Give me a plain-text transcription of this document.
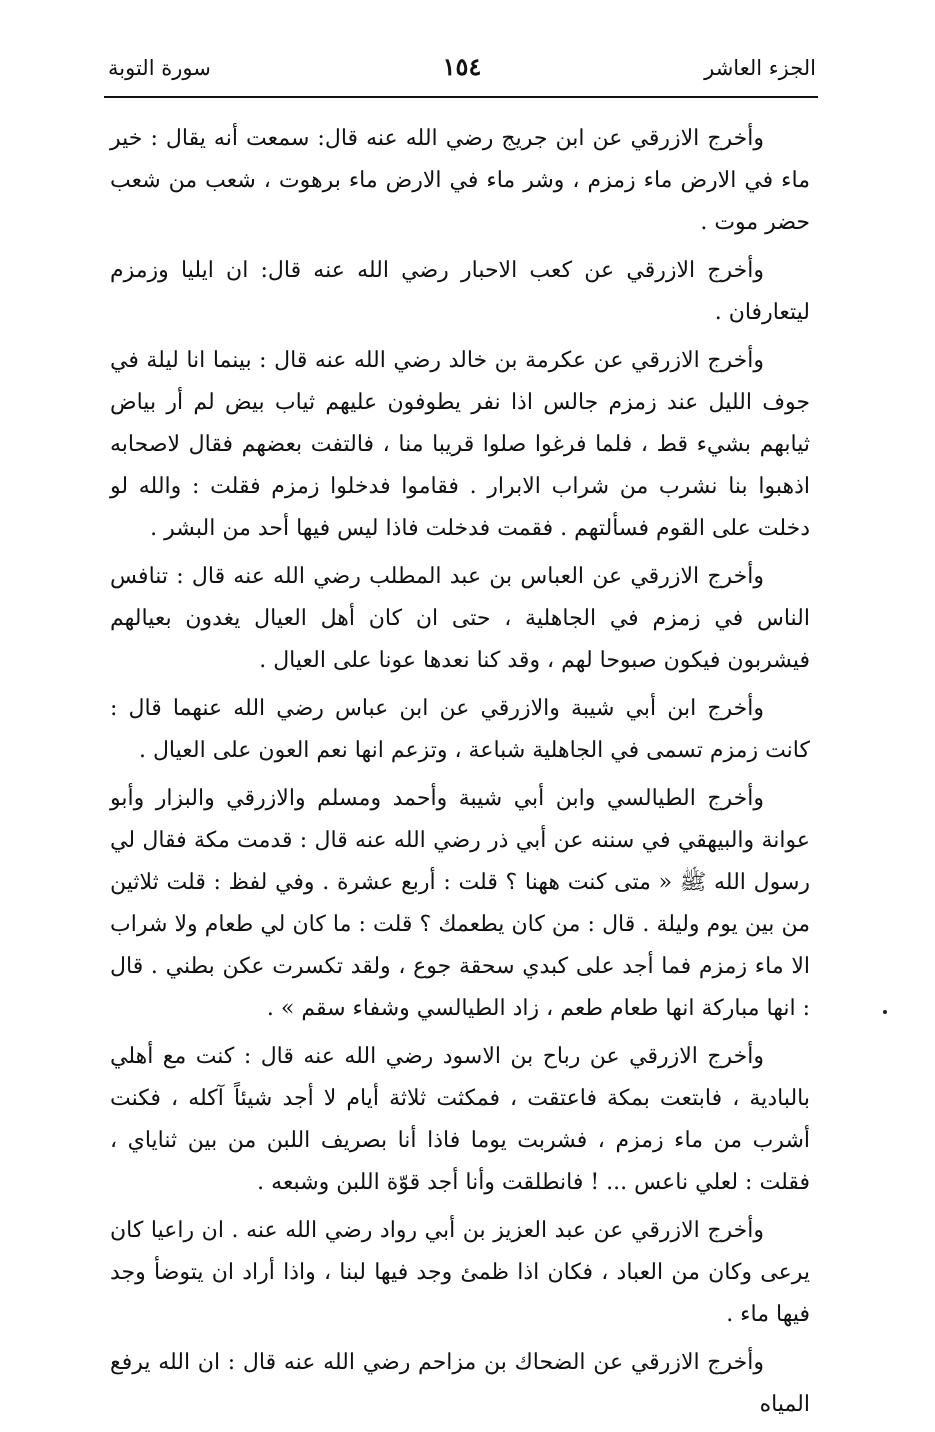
الجزء العاشر
١٥٤
سورة التوبة

وأخرج الازرقي عن ابن جريج رضي الله عنه قال: سمعت أنه يقال : خير ماء في الارض ماء زمزم ، وشر ماء في الارض ماء برهوت ، شعب من شعب حضر موت .

وأخرج الازرقي عن كعب الاحبار رضي الله عنه قال: ان ايليا وزمزم ليتعارفان .

وأخرج الازرقي عن عكرمة بن خالد رضي الله عنه قال : بينما انا ليلة في جوف الليل عند زمزم جالس اذا نفر يطوفون عليهم ثياب بيض لم أر بياض ثيابهم بشيء قط ، فلما فرغوا صلوا قريبا منا ، فالتفت بعضهم فقال لاصحابه اذهبوا بنا نشرب من شراب الابرار . فقاموا فدخلوا زمزم فقلت : والله لو دخلت على القوم فسألتهم . فقمت فدخلت فاذا ليس فيها أحد من البشر .

وأخرج الازرقي عن العباس بن عبد المطلب رضي الله عنه قال : تنافس الناس في زمزم في الجاهلية ، حتى ان كان أهل العيال يغدون بعيالهم فيشربون فيكون صبوحا لهم ، وقد كنا نعدها عونا على العيال .

وأخرج ابن أبي شيبة والازرقي عن ابن عباس رضي الله عنهما قال : كانت زمزم تسمى في الجاهلية شباعة ، وتزعم انها نعم العون على العيال .

وأخرج الطيالسي وابن أبي شيبة وأحمد ومسلم والازرقي والبزار وأبو عوانة والبيهقي في سننه عن أبي ذر رضي الله عنه قال : قدمت مكة فقال لي رسول الله ﷺ « متى كنت ههنا ؟ قلت : أربع عشرة . وفي لفظ : قلت ثلاثين من بين يوم وليلة . قال : من كان يطعمك ؟ قلت : ما كان لي طعام ولا شراب الا ماء زمزم فما أجد على كبدي سحقة جوع ، ولقد تكسرت عكن بطني . قال : انها مباركة انها طعام طعم ، زاد الطيالسي وشفاء سقم » .

وأخرج الازرقي عن رباح بن الاسود رضي الله عنه قال : كنت مع أهلي بالبادية ، فابتعت بمكة فاعتقت ، فمكثت ثلاثة أيام لا أجد شيئاً آكله ، فكنت أشرب من ماء زمزم ، فشربت يوما فاذا أنا بصريف اللبن من بين ثناياي ، فقلت : لعلي ناعس ... ! فانطلقت وأنا أجد قوّة اللبن وشبعه .

وأخرج الازرقي عن عبد العزيز بن أبي رواد رضي الله عنه . ان راعيا كان يرعى وكان من العباد ، فكان اذا ظمئ وجد فيها لبنا ، واذا أراد ان يتوضأ وجد فيها ماء .

وأخرج الازرقي عن الضحاك بن مزاحم رضي الله عنه قال : ان الله يرفع المياه
